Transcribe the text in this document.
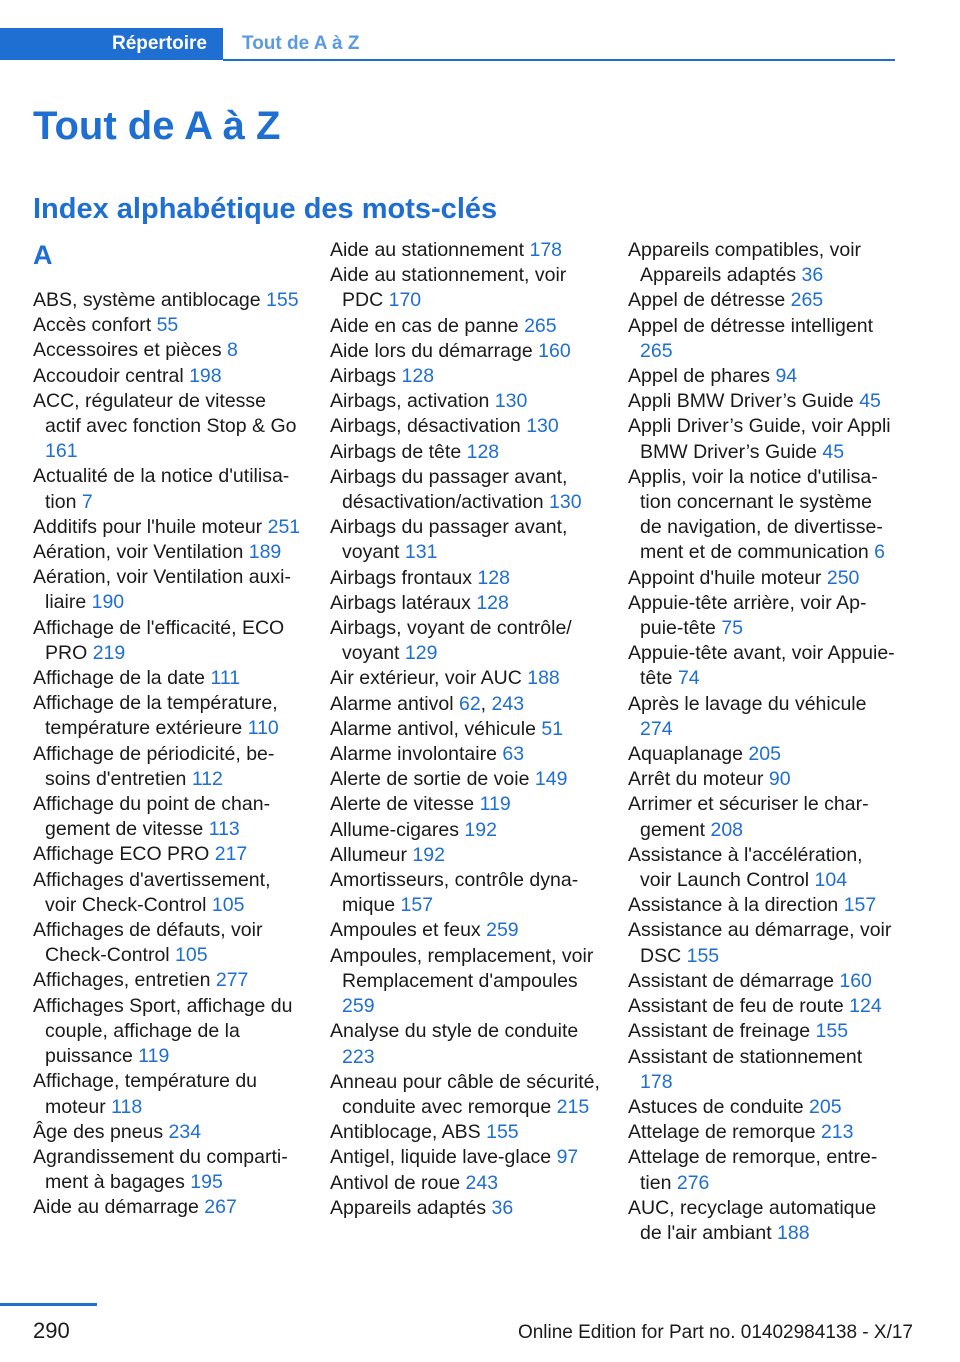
Répertoire	Tout de A à Z
Tout de A à Z
Index alphabétique des mots-clés
A
ABS, système antiblocage 155
Accès confort 55
Accessoires et pièces 8
Accoudoir central 198
ACC, régulateur de vitesse actif avec fonction Stop & Go 161
Actualité de la notice d'utilisation 7
Additifs pour l'huile moteur 251
Aération, voir Ventilation 189
Aération, voir Ventilation auxiliaire 190
Affichage de l'efficacité, ECO PRO 219
Affichage de la date 111
Affichage de la température, température extérieure 110
Affichage de périodicité, besoins d'entretien 112
Affichage du point de changement de vitesse 113
Affichage ECO PRO 217
Affichages d'avertissement, voir Check-Control 105
Affichages de défauts, voir Check-Control 105
Affichages, entretien 277
Affichages Sport, affichage du couple, affichage de la puissance 119
Affichage, température du moteur 118
Âge des pneus 234
Agrandissement du compartiment à bagages 195
Aide au démarrage 267
Aide au stationnement 178
Aide au stationnement, voir PDC 170
Aide en cas de panne 265
Aide lors du démarrage 160
Airbags 128
Airbags, activation 130
Airbags, désactivation 130
Airbags de tête 128
Airbags du passager avant, désactivation/activation 130
Airbags du passager avant, voyant 131
Airbags frontaux 128
Airbags latéraux 128
Airbags, voyant de contrôle/ voyant 129
Air extérieur, voir AUC 188
Alarme antivol 62, 243
Alarme antivol, véhicule 51
Alarme involontaire 63
Alerte de sortie de voie 149
Alerte de vitesse 119
Allume-cigares 192
Allumeur 192
Amortisseurs, contrôle dynamique 157
Ampoules et feux 259
Ampoules, remplacement, voir Remplacement d'ampoules 259
Analyse du style de conduite 223
Anneau pour câble de sécurité, conduite avec remorque 215
Antiblocage, ABS 155
Antigel, liquide lave-glace 97
Antivol de roue 243
Appareils adaptés 36
Appareils compatibles, voir Appareils adaptés 36
Appel de détresse 265
Appel de détresse intelligent 265
Appel de phares 94
Appli BMW Driver’s Guide 45
Appli Driver’s Guide, voir Appli BMW Driver’s Guide 45
Applis, voir la notice d'utilisation concernant le système de navigation, de divertissement et de communication 6
Appoint d'huile moteur 250
Appuie-tête arrière, voir Appuie-tête 75
Appuie-tête avant, voir Appuie-tête 74
Après le lavage du véhicule 274
Aquaplanage 205
Arrêt du moteur 90
Arrimer et sécuriser le chargement 208
Assistance à l'accélération, voir Launch Control 104
Assistance à la direction 157
Assistance au démarrage, voir DSC 155
Assistant de démarrage 160
Assistant de feu de route 124
Assistant de freinage 155
Assistant de stationnement 178
Astuces de conduite 205
Attelage de remorque 213
Attelage de remorque, entretien 276
AUC, recyclage automatique de l'air ambiant 188
290	Online Edition for Part no. 01402984138 - X/17
